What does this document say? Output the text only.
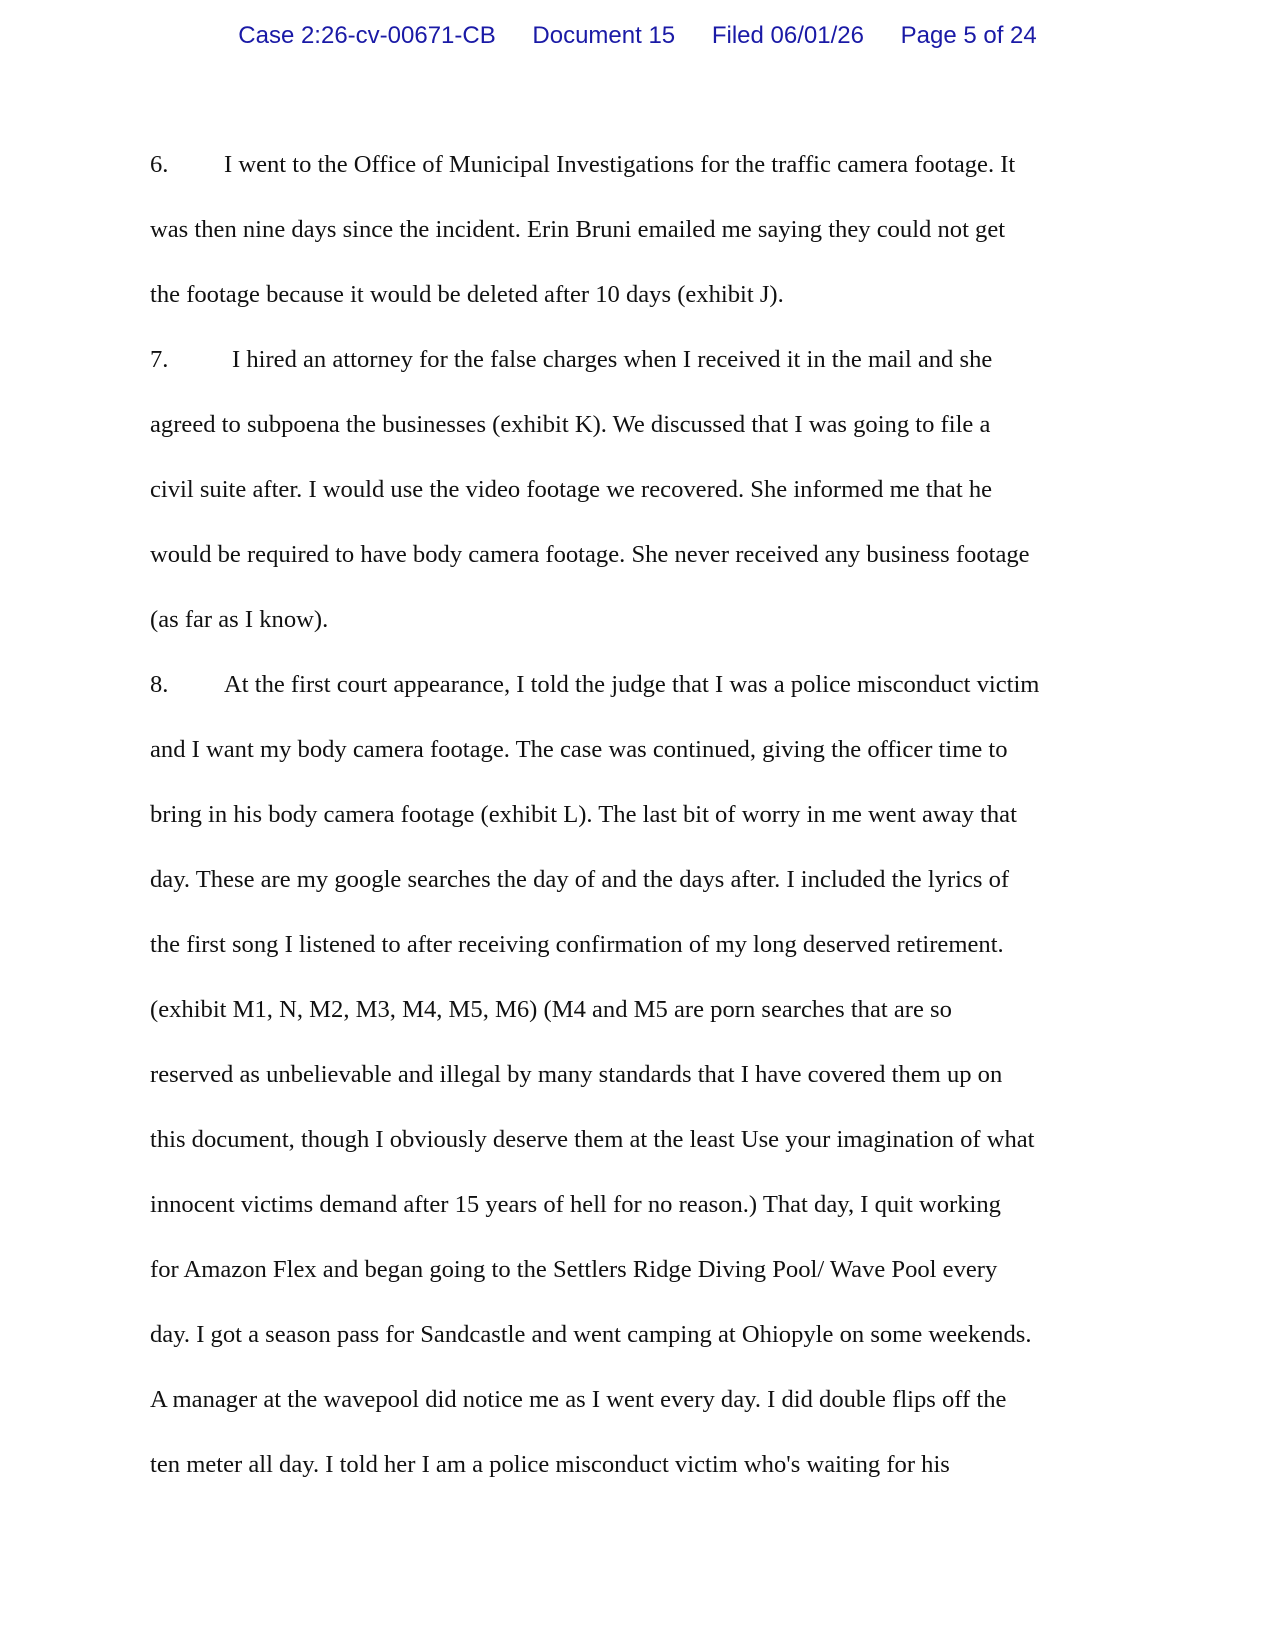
Case 2:26-cv-00671-CB Document 15 Filed 06/01/26 Page 5 of 24
6. I went to the Office of Municipal Investigations for the traffic camera footage. It
was then nine days since the incident. Erin Bruni emailed me saying they could not get
the footage because it would be deleted after 10 days (exhibit J).
7.	I hired an attorney for the false charges when I received it in the mail and she
agreed to subpoena the businesses (exhibit K). We discussed that I was going to file a
civil suite after. I would use the video footage we recovered. She informed me that he
would be required to have body camera footage. She never received any business footage
(as far as I know).
8. At the first court appearance, I told the judge that I was a police misconduct victim
and I want my body camera footage. The case was continued, giving the officer time to
bring in his body camera footage (exhibit L). The last bit of worry in me went away that
day. These are my google searches the day of and the days after. I included the lyrics of
the first song I listened to after receiving confirmation of my long deserved retirement.
(exhibit M1, N, M2, M3, M4, M5, M6) (M4 and M5 are porn searches that are so
reserved as unbelievable and illegal by many standards that I have covered them up on
this document, though I obviously deserve them at the least Use your imagination of what
innocent victims demand after 15 years of hell for no reason.) That day, I quit working
for Amazon Flex and began going to the Settlers Ridge Diving Pool/ Wave Pool every
day. I got a season pass for Sandcastle and went camping at Ohiopyle on some weekends.
A manager at the wavepool did notice me as I went every day. I did double flips off the
ten meter all day. I told her I am a police misconduct victim who's waiting for his
